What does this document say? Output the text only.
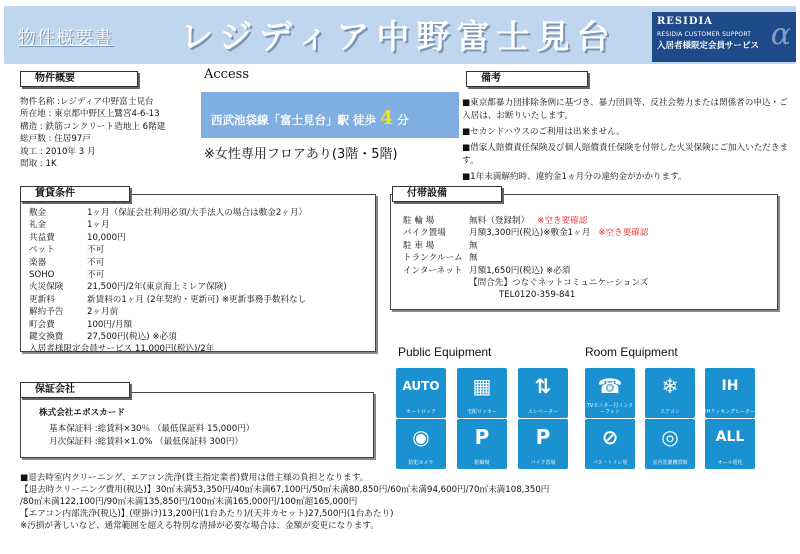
物件概要書 レジディア中野富士見台	RESIDIA
RESIDIA CUSTOMER SUPPORT
入居者様限定会員サービス α
物件概要
物件名称 :レジディア中野富士見台
所在地 : 東京都中野区上鷺宮4-6-13
構造 : 鉄筋コンクリート造地上 6階建
総戸数 : 住居97戸
竣工 : 2010年 3 月
間取 : 1K
Access
西武池袋線「富士見台」駅 徒歩 4 分
※女性専用フロアあり(3階・5階)
備考

■東京都暴力団排除条例に基づき、暴力団員等、反社会勢力または関係者の申込・ご入居は、お断りいたします。

■セカンドハウスのご利用は出来ません。

■借家人賠償責任保険及び個人賠償責任保険を付帯した火災保険にご加入いただきます。

■1年未満解約時、違約金1ヵ月分の違約金がかかります。

敷金	1ヶ月（保証会社利用必須/大手法人の場合は敷金2ヶ月）
礼金	1ヶ月
共益費	10,000円
ペット	不可
楽器	不可
SOHO	不可
火災保険	21,500円/2年(東京海上ミレア保険)
更新料	新賃料の1ヶ月 (2年契約・更新可) ※更新事務手数料なし
解約予告	2ヶ月前
町会費	100円/月額
鍵交換費	27,500円(税込) ※必須
入居者様限定会員サービス 11,000円(税込)/2年
賃貸条件
駐 輪 場	無料（登録制） ※空き要確認
バイク置場	月額3,300円(税込)※敷金1ヶ月 ※空き要確認
駐 車 場	無
トランクルーム 無
インターネット 月額1,650円(税込) ※必須
【問合先】つなぐネットコミュニケーションズ
TEL0120-359-841
付帯設備
株式会社エポスカード
基本保証料 :総賃料×30％ （最低保証料 15,000円）
月次保証料 :総賃料×1.0% （最低保証料 300円）
保証会社
Public Equipment	Room Equipment
AUTO
オートロック
▦
宅配ロッカー
⇅
エレベーター
◉
防犯カメラ
P
駐輪場
P
バイク置場
☎
TVモニター付インターフォン
❄
エアコン
IH
IHクッキングヒーター
⊘
バス・トイレ別
◎
室内洗濯機置場
ALL
オール電化
■退去時室内クリーニング、エアコン洗浄(貸主指定業者)費用は借主様の負担となります。
【退去時クリーニング費用(税込)】30㎡未満53,350円/40㎡未満67,100円/50㎡未満80,850円/60㎡未満94,600円/70㎡未満108,350円
/80㎡未満122,100円/90㎡未満135,850円/100㎡未満165,000円/100㎡超165,000円
【エアコン内部洗浄(税込)】(壁掛け)13,200円(1台あたり)/(天井カセット)27,500円(1台あたり)
※汚損が著しいなど、通常範囲を超える特別な清掃が必要な場合は、金額が変更になります。
